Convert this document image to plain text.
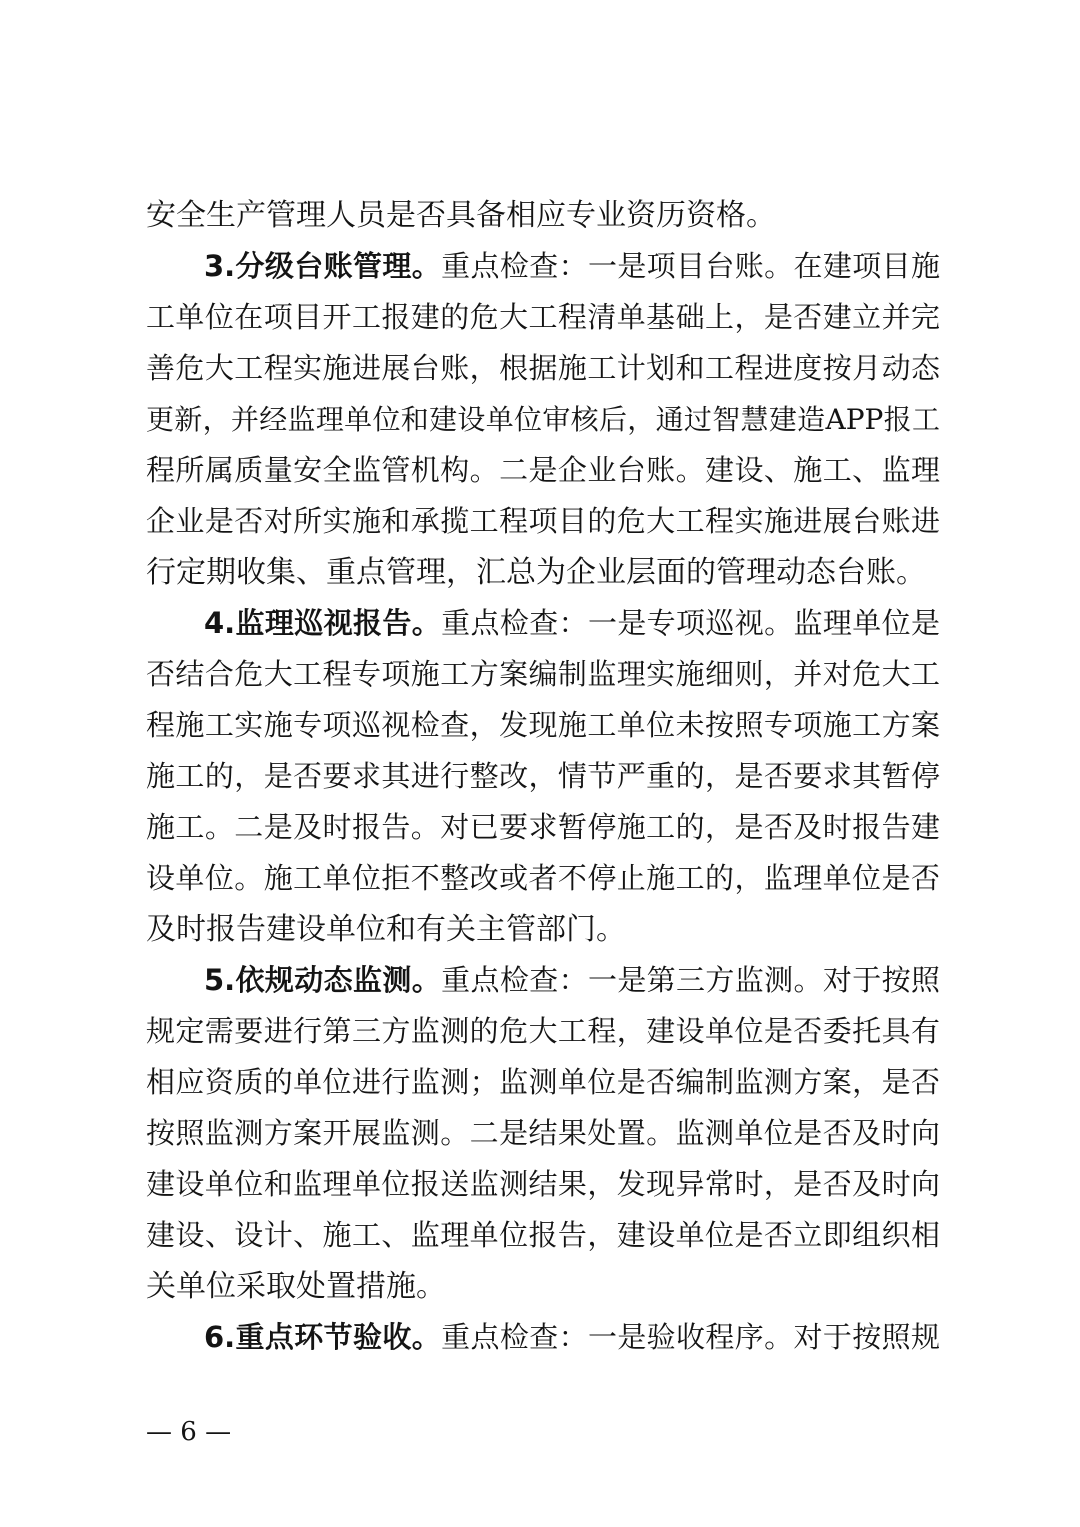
安全生产管理人员是否具备相应专业资历资格。
3.分级台账管理。重点检查：一是项目台账。在建项目施
工单位在项目开工报建的危大工程清单基础上，是否建立并完
善危大工程实施进展台账，根据施工计划和工程进度按月动态
更新，并经监理单位和建设单位审核后，通过智慧建造APP报工
程所属质量安全监管机构。二是企业台账。建设、施工、监理
企业是否对所实施和承揽工程项目的危大工程实施进展台账进
行定期收集、重点管理，汇总为企业层面的管理动态台账。
4.监理巡视报告。重点检查：一是专项巡视。监理单位是
否结合危大工程专项施工方案编制监理实施细则，并对危大工
程施工实施专项巡视检查，发现施工单位未按照专项施工方案
施工的，是否要求其进行整改，情节严重的，是否要求其暂停
施工。二是及时报告。对已要求暂停施工的，是否及时报告建
设单位。施工单位拒不整改或者不停止施工的，监理单位是否
及时报告建设单位和有关主管部门。
5.依规动态监测。重点检查：一是第三方监测。对于按照
规定需要进行第三方监测的危大工程，建设单位是否委托具有
相应资质的单位进行监测；监测单位是否编制监测方案，是否
按照监测方案开展监测。二是结果处置。监测单位是否及时向
建设单位和监理单位报送监测结果，发现异常时，是否及时向
建设、设计、施工、监理单位报告，建设单位是否立即组织相
关单位采取处置措施。
6.重点环节验收。重点检查：一是验收程序。对于按照规
— 6 —
